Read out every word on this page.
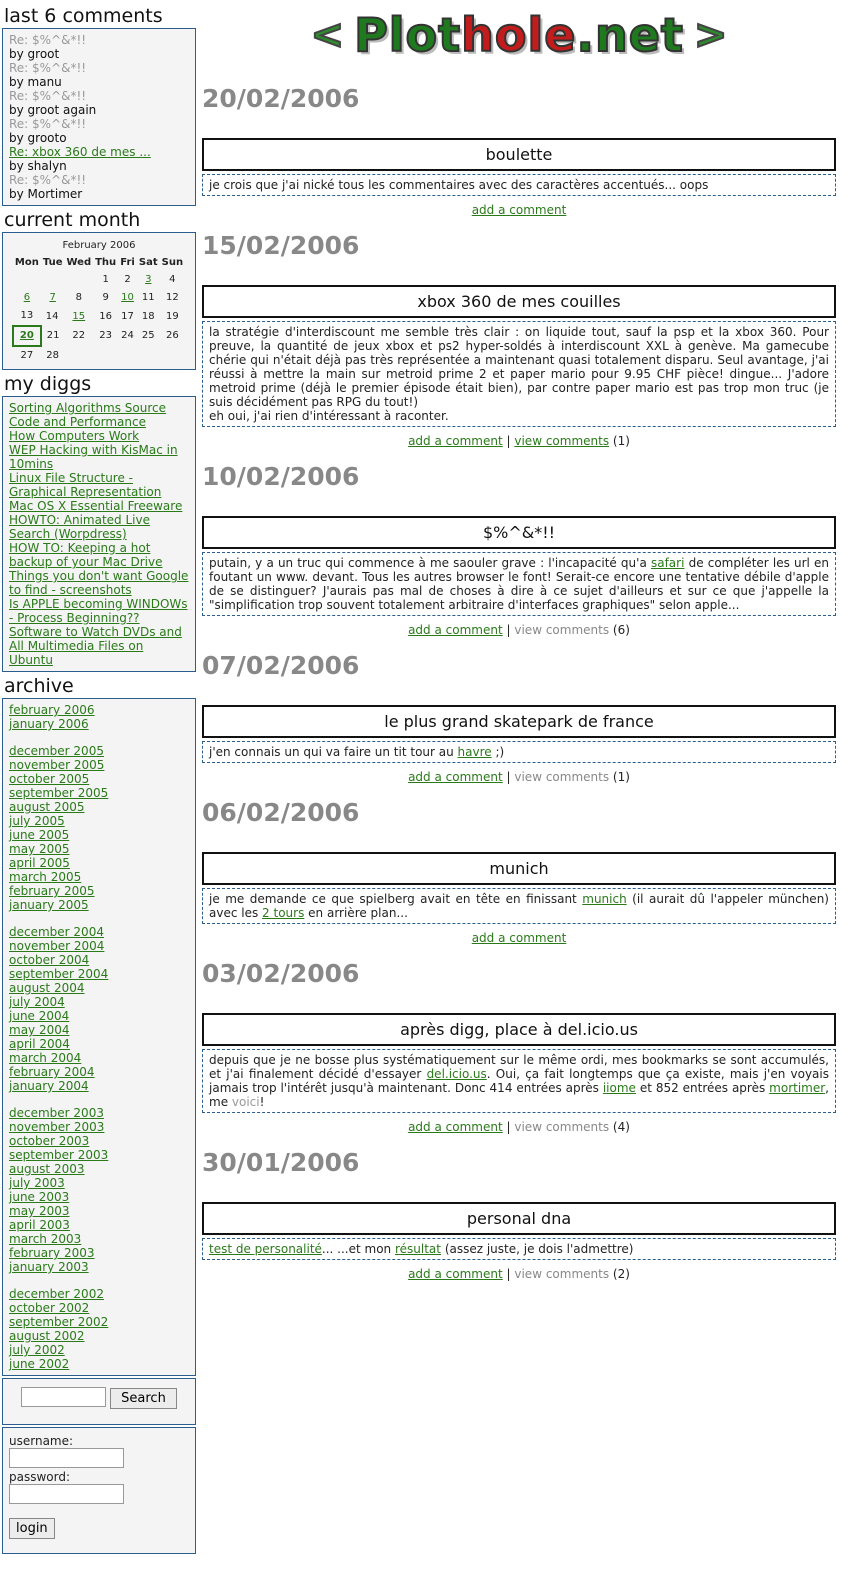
last 6 comments
Re: $%^&*!!
by groot
Re: $%^&*!!
by manu
Re: $%^&*!!
by groot again
Re: $%^&*!!
by grooto
Re: xbox 360 de mes ...
by shalyn
Re: $%^&*!!
by Mortimer
current month
February 2006
Mon	Tue	Wed	Thu	Fri	Sat	Sun
			1	2	3	4
6	7	8	9	10	11	12
13	14	15	16	17	18	19
20	21	22	23	24	25	26
27	28					
my diggs
Sorting Algorithms Source Code and Performance
How Computers Work
WEP Hacking with KisMac in 10mins
Linux File Structure - Graphical Representation
Mac OS X Essential Freeware
HOWTO: Animated Live Search (Worpdress)
HOW TO: Keeping a hot backup of your Mac Drive
Things you don't want Google to find - screenshots
Is APPLE becoming WINDOWs - Process Beginning??
Software to Watch DVDs and All Multimedia Files on Ubuntu
archive
february 2006
january 2006
december 2005
november 2005
october 2005
september 2005
august 2005
july 2005
june 2005
may 2005
april 2005
march 2005
february 2005
january 2005
december 2004
november 2004
october 2004
september 2004
august 2004
july 2004
june 2004
may 2004
april 2004
march 2004
february 2004
january 2004
december 2003
november 2003
october 2003
september 2003
august 2003
july 2003
june 2003
may 2003
april 2003
march 2003
february 2003
january 2003
december 2002
october 2002
september 2002
august 2002
july 2002
june 2002
Search
username:
password:
login
< Plothole.net >
20/02/2006
boulette
je crois que j'ai nické tous les commentaires avec des caractères accentués... oops
add a comment
15/02/2006
xbox 360 de mes couilles
la stratégie d'interdiscount me semble très clair : on liquide tout, sauf la psp et la xbox 360. Pour preuve, la quantité de jeux xbox et ps2 hyper-soldés à interdiscount XXL à genève. Ma gamecube chérie qui n'était déjà pas très représentée a maintenant quasi totalement disparu. Seul avantage, j'ai réussi à mettre la main sur metroid prime 2 et paper mario pour 9.95 CHF pièce! dingue... J'adore metroid prime (déjà le premier épisode était bien), par contre paper mario est pas trop mon truc (je suis décidément pas RPG du tout!)
eh oui, j'ai rien d'intéressant à raconter.
add a comment | view comments (1)
10/02/2006
$%^&*!!
putain, y a un truc qui commence à me saouler grave : l'incapacité qu'a safari de compléter les url en foutant un www. devant. Tous les autres browser le font! Serait-ce encore une tentative débile d'apple de se distinguer? J'aurais pas mal de choses à dire à ce sujet d'ailleurs et sur ce que j'appelle la "simplification trop souvent totalement arbitraire d'interfaces graphiques" selon apple...
add a comment | view comments (6)
07/02/2006
le plus grand skatepark de france
j'en connais un qui va faire un tit tour au havre ;)
add a comment | view comments (1)
06/02/2006
munich
je me demande ce que spielberg avait en tête en finissant munich (il aurait dû l'appeler münchen) avec les 2 tours en arrière plan...
add a comment
03/02/2006
après digg, place à del.icio.us
depuis que je ne bosse plus systématiquement sur le même ordi, mes bookmarks se sont accumulés, et j'ai finalement décidé d'essayer del.icio.us. Oui, ça fait longtemps que ça existe, mais j'en voyais jamais trop l'intérêt jusqu'à maintenant. Donc 414 entrées après iiome et 852 entrées après mortimer, me voici!
add a comment | view comments (4)
30/01/2006
personal dna
test de personalité... ...et mon résultat (assez juste, je dois l'admettre)
add a comment | view comments (2)
